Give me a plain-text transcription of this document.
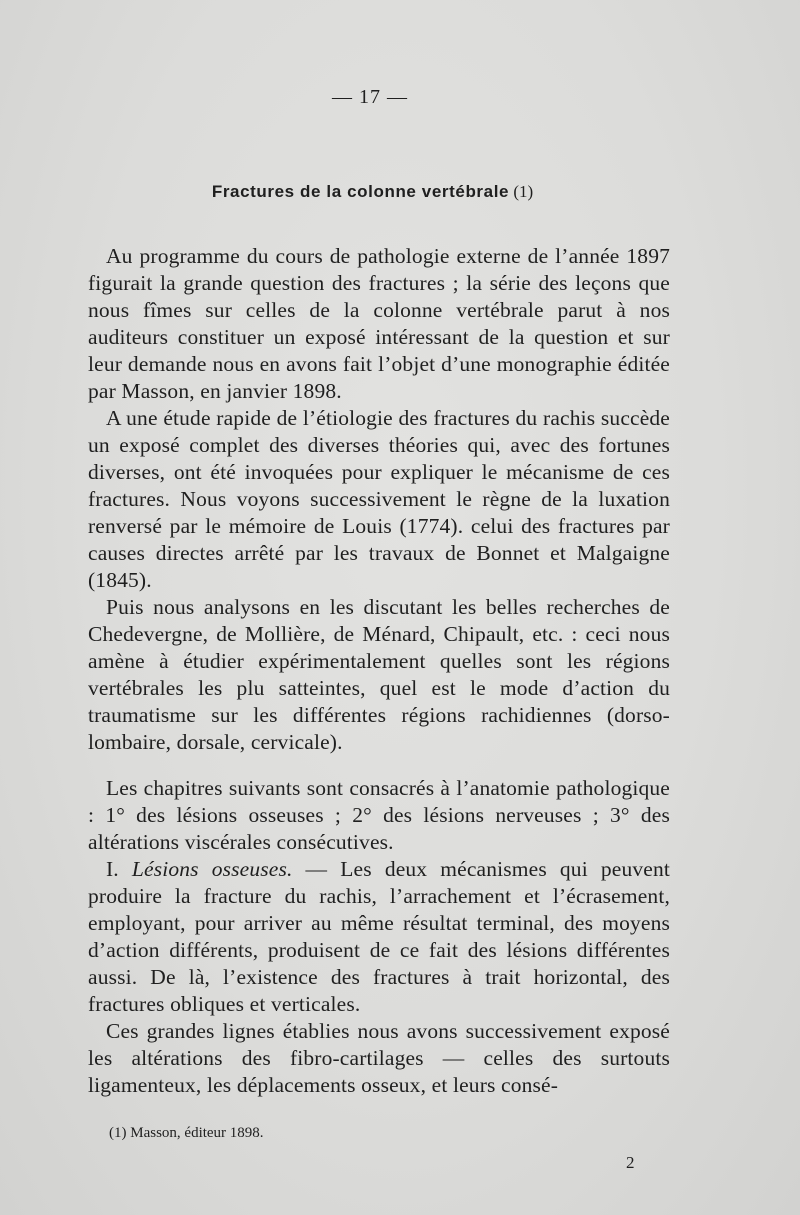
— 17 —
Fractures de la colonne vertébrale (1)

Au programme du cours de pathologie externe de l’année 1897 figurait la grande question des fractures ; la série des leçons que nous fîmes sur celles de la colonne vertébrale parut à nos auditeurs constituer un exposé intéressant de la question et sur leur demande nous en avons fait l’objet d’une monographie éditée par Masson, en janvier 1898.

A une étude rapide de l’étiologie des fractures du rachis succède un exposé complet des diverses théories qui, avec des fortunes diverses, ont été invoquées pour expliquer le mécanisme de ces fractures. Nous voyons successivement le règne de la luxation renversé par le mémoire de Louis (1774). celui des fractures par causes directes arrêté par les travaux de Bonnet et Malgaigne (1845).

Puis nous analysons en les discutant les belles recherches de Chedevergne, de Mollière, de Ménard, Chipault, etc. : ceci nous amène à étudier expérimentalement quelles sont les régions vertébrales les plu satteintes, quel est le mode d’action du traumatisme sur les différentes régions rachidiennes (dorso-lombaire, dorsale, cervicale).

Les chapitres suivants sont consacrés à l’anatomie pathologique : 1° des lésions osseuses ; 2° des lésions nerveuses ; 3° des altérations viscérales consécutives.

I. Lésions osseuses. — Les deux mécanismes qui peuvent produire la fracture du rachis, l’arrachement et l’écrasement, employant, pour arriver au même résultat terminal, des moyens d’action différents, produisent de ce fait des lésions différentes aussi. De là, l’existence des fractures à trait horizontal, des fractures obliques et verticales.

Ces grandes lignes établies nous avons successivement exposé les altérations des fibro-cartilages — celles des surtouts ligamenteux, les déplacements osseux, et leurs consé-

(1) Masson, éditeur 1898.
2
